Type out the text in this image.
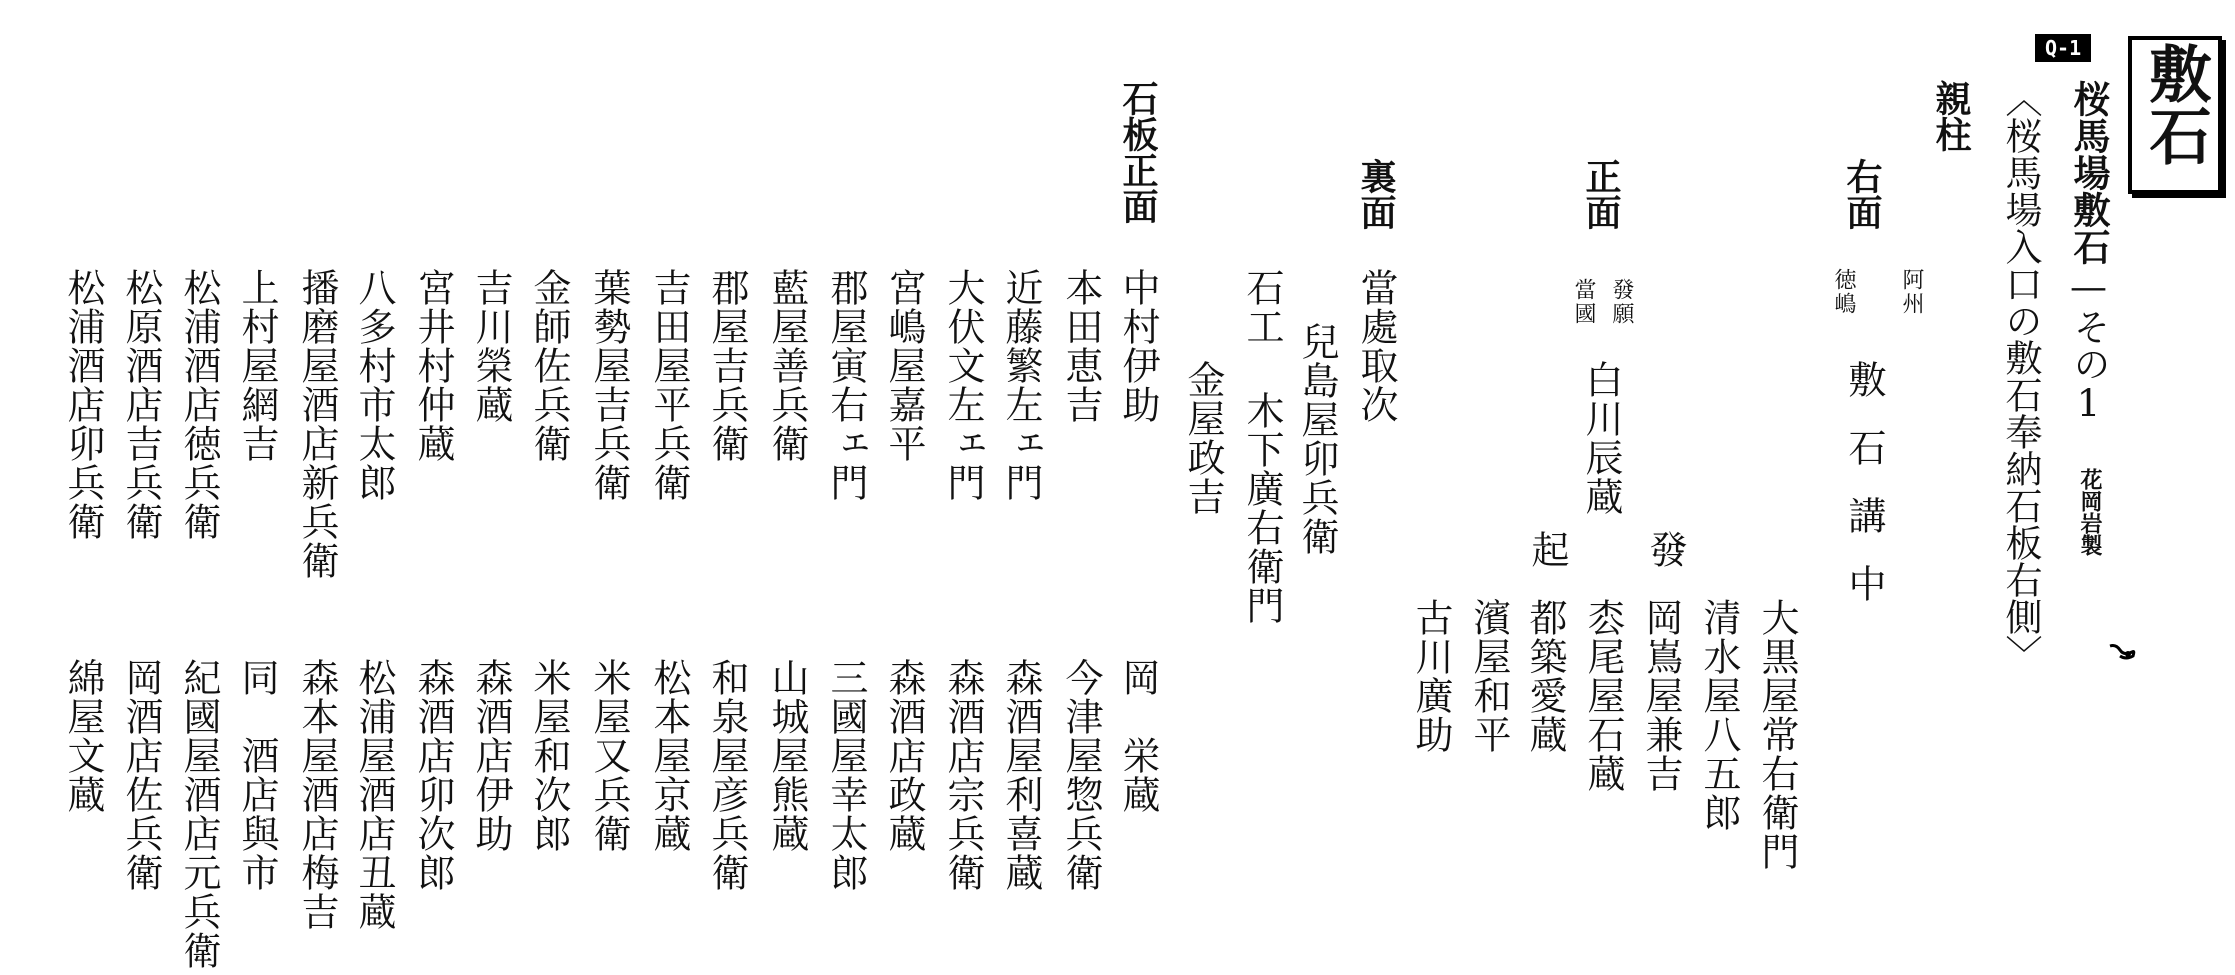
敷石
Q-1
桜馬場敷石—その1
花岡岩製
〈桜馬場入口の敷石奉納石板右側〉
親柱
右面
阿州
徳嶋
敷石講中
大黒屋常右衛門
清水屋八五郎
岡嶌屋兼吉
枩尾屋石蔵
都築愛蔵
濱屋和平
古川廣助
正面
發願
當國
白川辰蔵
發
起
裏面
當處取次
兒島屋卯兵衛
石工 木下廣右衛門
金屋政吉
石板正面
中村伊助
本田恵吉
近藤繁左ェ門
大伏文左ェ門
宮嶋屋嘉平
郡屋寅右ェ門
藍屋善兵衛
郡屋吉兵衛
吉田屋平兵衛
葉勢屋吉兵衛
金師佐兵衛
吉川榮蔵
宮井村仲蔵
八多村市太郎
播磨屋酒店新兵衛
上村屋網吉
松浦酒店徳兵衛
松原酒店吉兵衛
松浦酒店卯兵衛
岡　栄蔵
今津屋惣兵衛
森酒屋利喜蔵
森酒店宗兵衛
森酒店政蔵
三國屋幸太郎
山城屋熊蔵
和泉屋彦兵衛
松本屋京蔵
米屋又兵衛
米屋和次郎
森酒店伊助
森酒店卯次郎
松浦屋酒店丑蔵
森本屋酒店梅吉
同　酒店與市
紀國屋酒店元兵衛
岡酒店佐兵衛
綿屋文蔵
